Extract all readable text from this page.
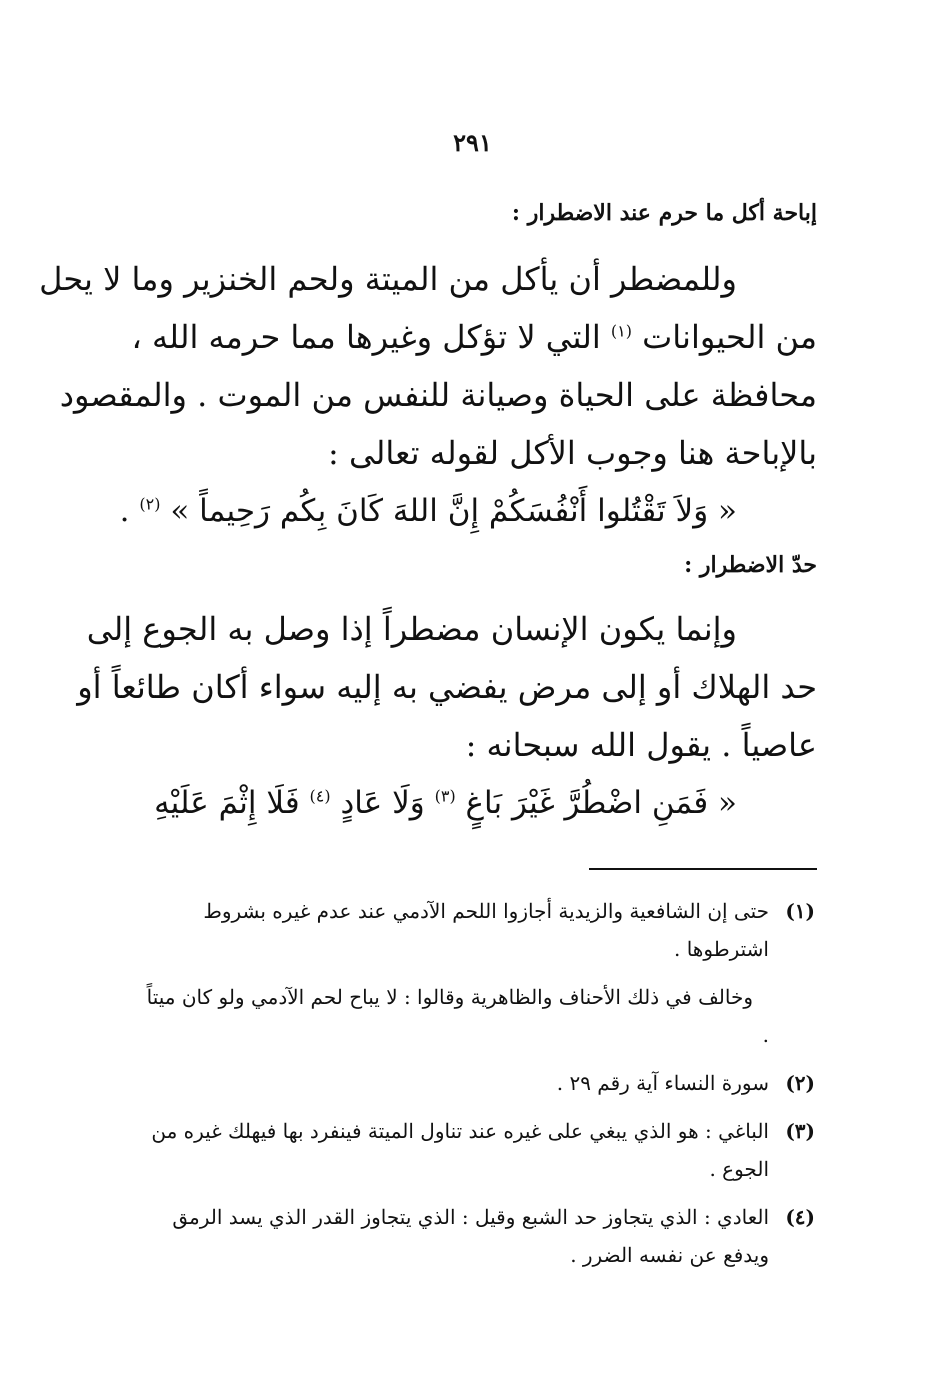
٢٩١
إباحة أكل ما حرم عند الاضطرار :
وللمضطر أن يأكل من الميتة ولحم الخنزير وما لا يحل
من الحيوانات $^{(١)}$ التي لا تؤكل وغيرها مما حرمه الله ،
محافظة على الحياة وصيانة للنفس من الموت . والمقصود
بالإباحة هنا وجوب الأكل لقوله تعالى :
« وَلاَ تَقْتُلوا أَنْفُسَكُمْ إِنَّ اللهَ كَانَ بِكُم رَحِيماً » $^{(٢)}$ .
حدّ الاضطرار :
وإنما يكون الإنسان مضطراً إذا وصل به الجوع إلى
حد الهلاك أو إلى مرض يفضي به إليه سواء أكان طائعاً أو
عاصياً . يقول الله سبحانه :
« فَمَنِ اضْطُرَّ غَيْرَ بَاغٍ $^{(٣)}$ وَلَا عَادٍ $^{(٤)}$ فَلَا إِثْمَ عَلَيْهِ
(١)
حتى إن الشافعية والزيدية أجازوا اللحم الآدمي عند عدم غيره بشروط اشترطوها .
وخالف في ذلك الأحناف والظاهرية وقالوا : لا يباح لحم الآدمي ولو كان ميتاً .
(٢)
سورة النساء آية رقم ٢٩ .
(٣)
الباغي : هو الذي يبغي على غيره عند تناول الميتة فينفرد بها فيهلك غيره من الجوع .
(٤)
العادي : الذي يتجاوز حد الشبع وقيل : الذي يتجاوز القدر الذي يسد الرمق ويدفع عن نفسه الضرر .
